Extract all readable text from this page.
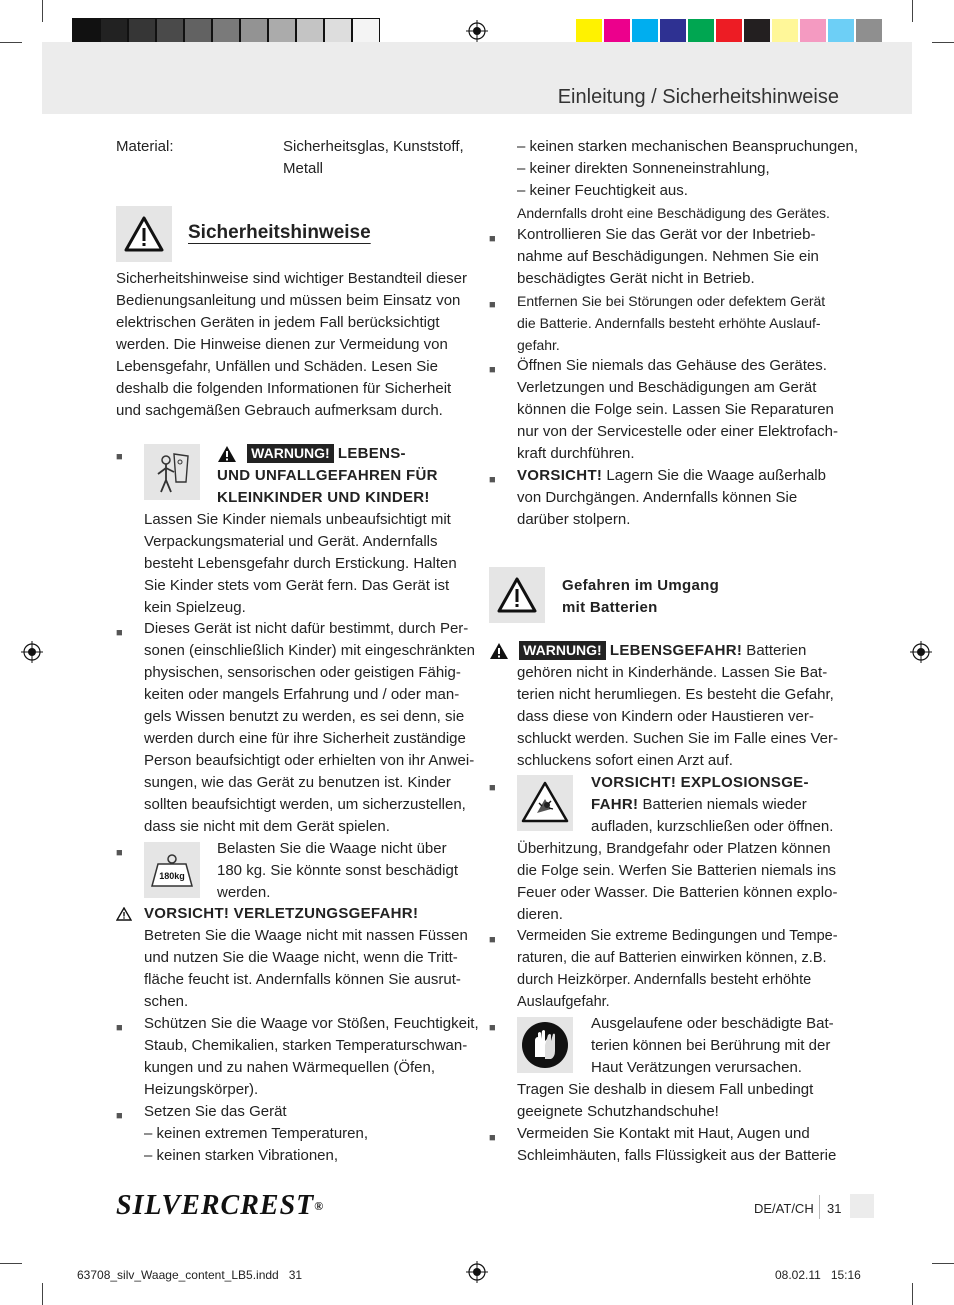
Einleitung / Sicherheitshinweise
Material:	Sicherheitsglas, Kunststoff,
Metall
Sicherheitshinweise
Sicherheitshinweise sind wichtiger Bestandteil dieser
Bedienungsanleitung und müssen beim Einsatz von
elektrischen Geräten in jedem Fall berücksichtigt
werden. Die Hinweise dienen zur Vermeidung von
Lebensgefahr, Unfällen und Schäden. Lesen Sie
deshalb die folgenden Informationen für Sicherheit
und sachgemäßen Gebrauch aufmerksam durch.
■	WARNUNG! LEBENS-
UND UNFALLGEFAHREN FÜR
KLEINKINDER UND KINDER!
Lassen Sie Kinder niemals unbeaufsichtigt mit
Verpackungsmaterial und Gerät. Andernfalls
besteht Lebensgefahr durch Erstickung. Halten
Sie Kinder stets vom Gerät fern. Das Gerät ist
kein Spielzeug.
■ Dieses Gerät ist nicht dafür bestimmt, durch Per-
sonen (einschließlich Kinder) mit eingeschränkten
physischen, sensorischen oder geistigen Fähig-
keiten oder mangels Erfahrung und / oder man-
gels Wissen benutzt zu werden, es sei denn, sie
werden durch eine für ihre Sicherheit zuständige
Person beaufsichtigt oder erhielten von ihr Anwei-
sungen, wie das Gerät zu benutzen ist. Kinder
sollten beaufsichtigt werden, um sicherzustellen,
dass sie nicht mit dem Gerät spielen.
■
180kg
Belasten Sie die Waage nicht über
180 kg. Sie könnte sonst beschädigt
werden.
VORSICHT! VERLETZUNGSGEFAHR!
Betreten Sie die Waage nicht mit nassen Füssen
und nutzen Sie die Waage nicht, wenn die Tritt-
fläche feucht ist. Andernfalls können Sie ausrut-
schen.
■ Schützen Sie die Waage vor Stößen, Feuchtigkeit,
Staub, Chemikalien, starken Temperaturschwan-
kungen und zu nahen Wärmequellen (Öfen,
Heizungskörper).
■ Setzen Sie das Gerät
– keinen extremen Temperaturen,
– keinen starken Vibrationen,
– keinen starken mechanischen Beanspruchungen,
– keiner direkten Sonneneinstrahlung,
– keiner Feuchtigkeit aus.
Andernfalls droht eine Beschädigung des Gerätes.
■ Kontrollieren Sie das Gerät vor der Inbetrieb-
nahme auf Beschädigungen. Nehmen Sie ein
beschädigtes Gerät nicht in Betrieb.
■ Entfernen Sie bei Störungen oder defektem Gerät
die Batterie. Andernfalls besteht erhöhte Auslauf-
gefahr.
■ Öffnen Sie niemals das Gehäuse des Gerätes.
Verletzungen und Beschädigungen am Gerät
können die Folge sein. Lassen Sie Reparaturen
nur von der Servicestelle oder einer Elektrofach-
kraft durchführen.
■ VORSICHT! Lagern Sie die Waage außerhalb
von Durchgängen. Andernfalls können Sie
darüber stolpern.
Gefahren im Umgang
mit Batterien
WARNUNG! LEBENSGEFAHR! Batterien
gehören nicht in Kinderhände. Lassen Sie Bat-
terien nicht herumliegen. Es besteht die Gefahr,
dass diese von Kindern oder Haustieren ver-
schluckt werden. Suchen Sie im Falle eines Ver-
schluckens sofort einen Arzt auf.
■	VORSICHT! EXPLOSIONSGE-
FAHR! Batterien niemals wieder
aufladen, kurzschließen oder öffnen.
Überhitzung, Brandgefahr oder Platzen können
die Folge sein. Werfen Sie Batterien niemals ins
Feuer oder Wasser. Die Batterien können explo-
dieren.
■ Vermeiden Sie extreme Bedingungen und Tempe-
raturen, die auf Batterien einwirken können, z.B.
durch Heizkörper. Andernfalls besteht erhöhte
Auslaufgefahr.
■	Ausgelaufene oder beschädigte Bat-
terien können bei Berührung mit der
Haut Verätzungen verursachen.
Tragen Sie deshalb in diesem Fall unbedingt
geeignete Schutzhandschuhe!
■ Vermeiden Sie Kontakt mit Haut, Augen und
Schleimhäuten, falls Flüssigkeit aus der Batterie
SILVERCREST®	DE/AT/CH 31
63708_silv_Waage_content_LB5.indd   31	08.02.11   15:16
